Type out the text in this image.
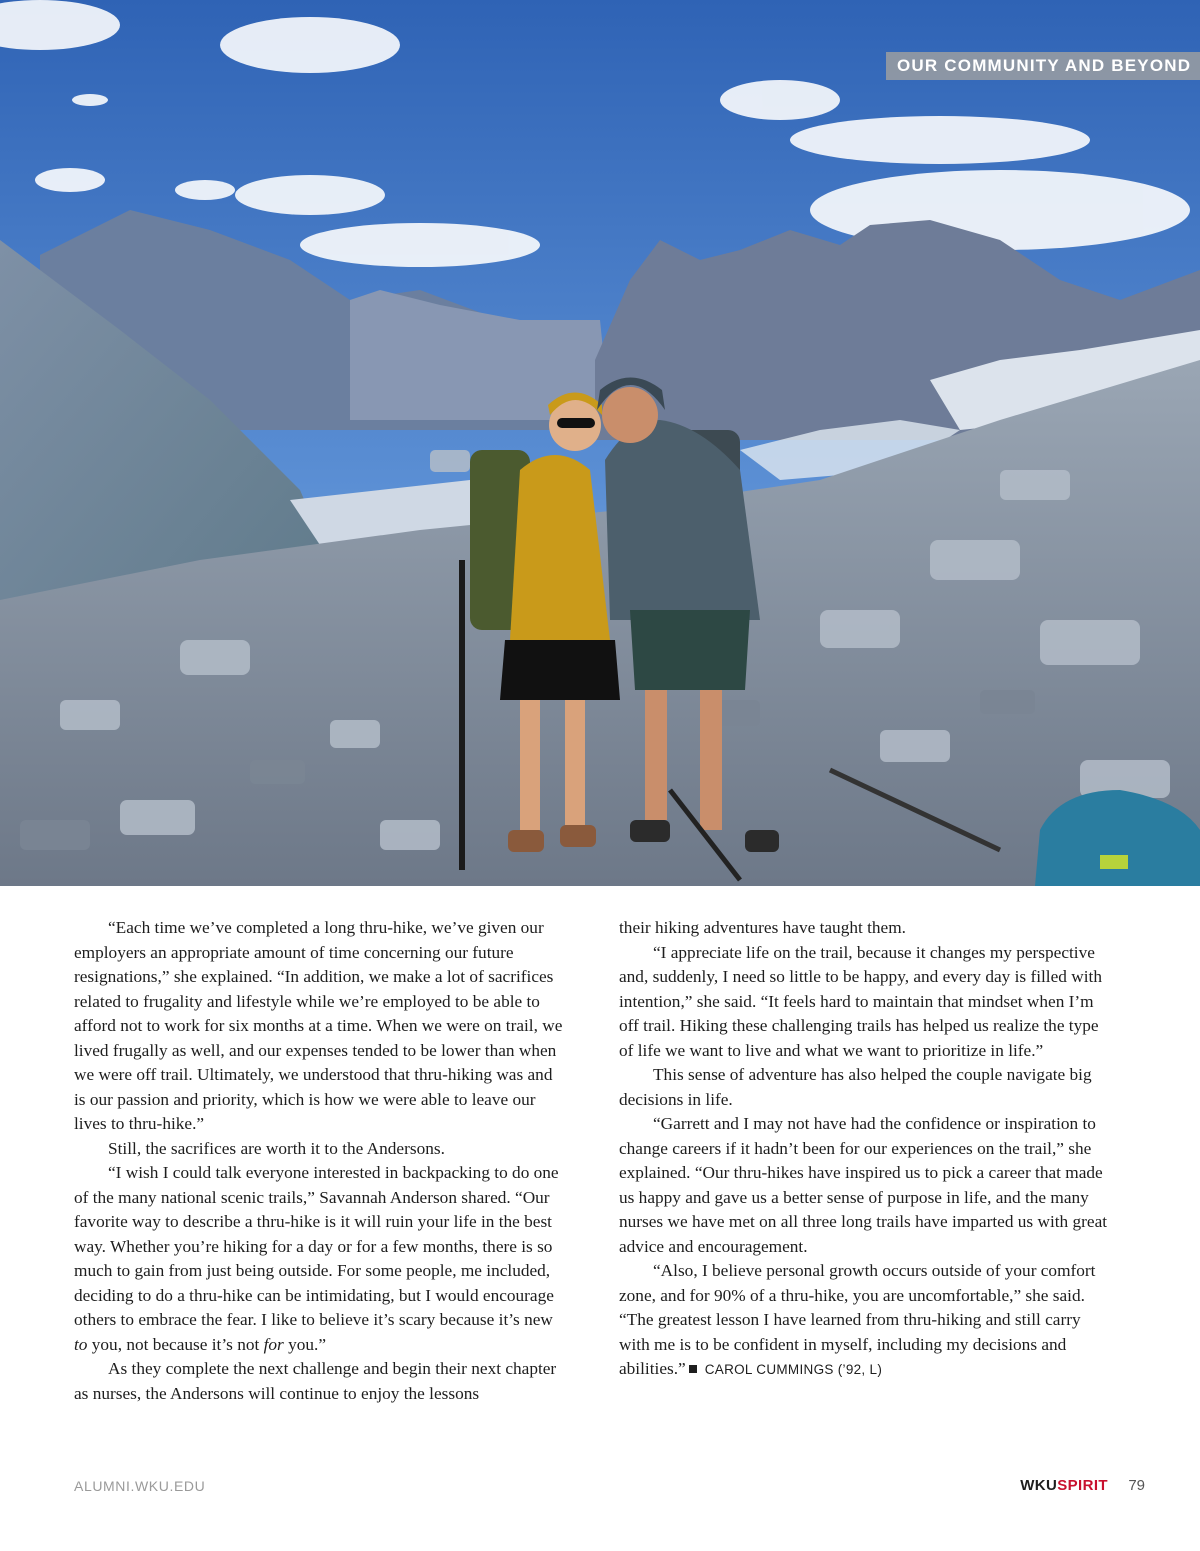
OUR COMMUNITY AND BEYOND

“Each time we’ve completed a long thru-hike, we’ve given our employers an appropriate amount of time concerning our future resignations,” she explained. “In addition, we make a lot of sacrifices related to frugality and lifestyle while we’re employed to be able to afford not to work for six months at a time. When we were on trail, we lived frugally as well, and our expenses tended to be lower than when we were off trail. Ultimately, we understood that thru-hiking was and is our passion and priority, which is how we were able to leave our lives to thru-hike.”

Still, the sacrifices are worth it to the Andersons.

“I wish I could talk everyone interested in backpacking to do one of the many national scenic trails,” Savannah Anderson shared. “Our favorite way to describe a thru-hike is it will ruin your life in the best way. Whether you’re hiking for a day or for a few months, there is so much to gain from just being outside. For some people, me included, deciding to do a thru-hike can be intimidating, but I would encourage others to embrace the fear. I like to believe it’s scary because it’s new to you, not because it’s not for you.”

As they complete the next challenge and begin their next chapter as nurses, the Andersons will continue to enjoy the lessons

their hiking adventures have taught them.

“I appreciate life on the trail, because it changes my perspective and, suddenly, I need so little to be happy, and every day is filled with intention,” she said. “It feels hard to maintain that mindset when I’m off trail. Hiking these challenging trails has helped us realize the type of life we want to live and what we want to prioritize in life.”

This sense of adventure has also helped the couple navigate big decisions in life.

“Garrett and I may not have had the confidence or inspiration to change careers if it hadn’t been for our experiences on the trail,” she explained. “Our thru-hikes have inspired us to pick a career that made us happy and gave us a better sense of purpose in life, and the many nurses we have met on all three long trails have imparted us with great advice and encouragement.

“Also, I believe personal growth occurs outside of your comfort zone, and for 90% of a thru-hike, you are uncomfortable,” she said. “The greatest lesson I have learned from thru-hiking and still carry with me is to be confident in myself, including my decisions and abilities.” CAROL CUMMINGS (’92, L)

ALUMNI.WKU.EDU	WKUSPIRIT 79
